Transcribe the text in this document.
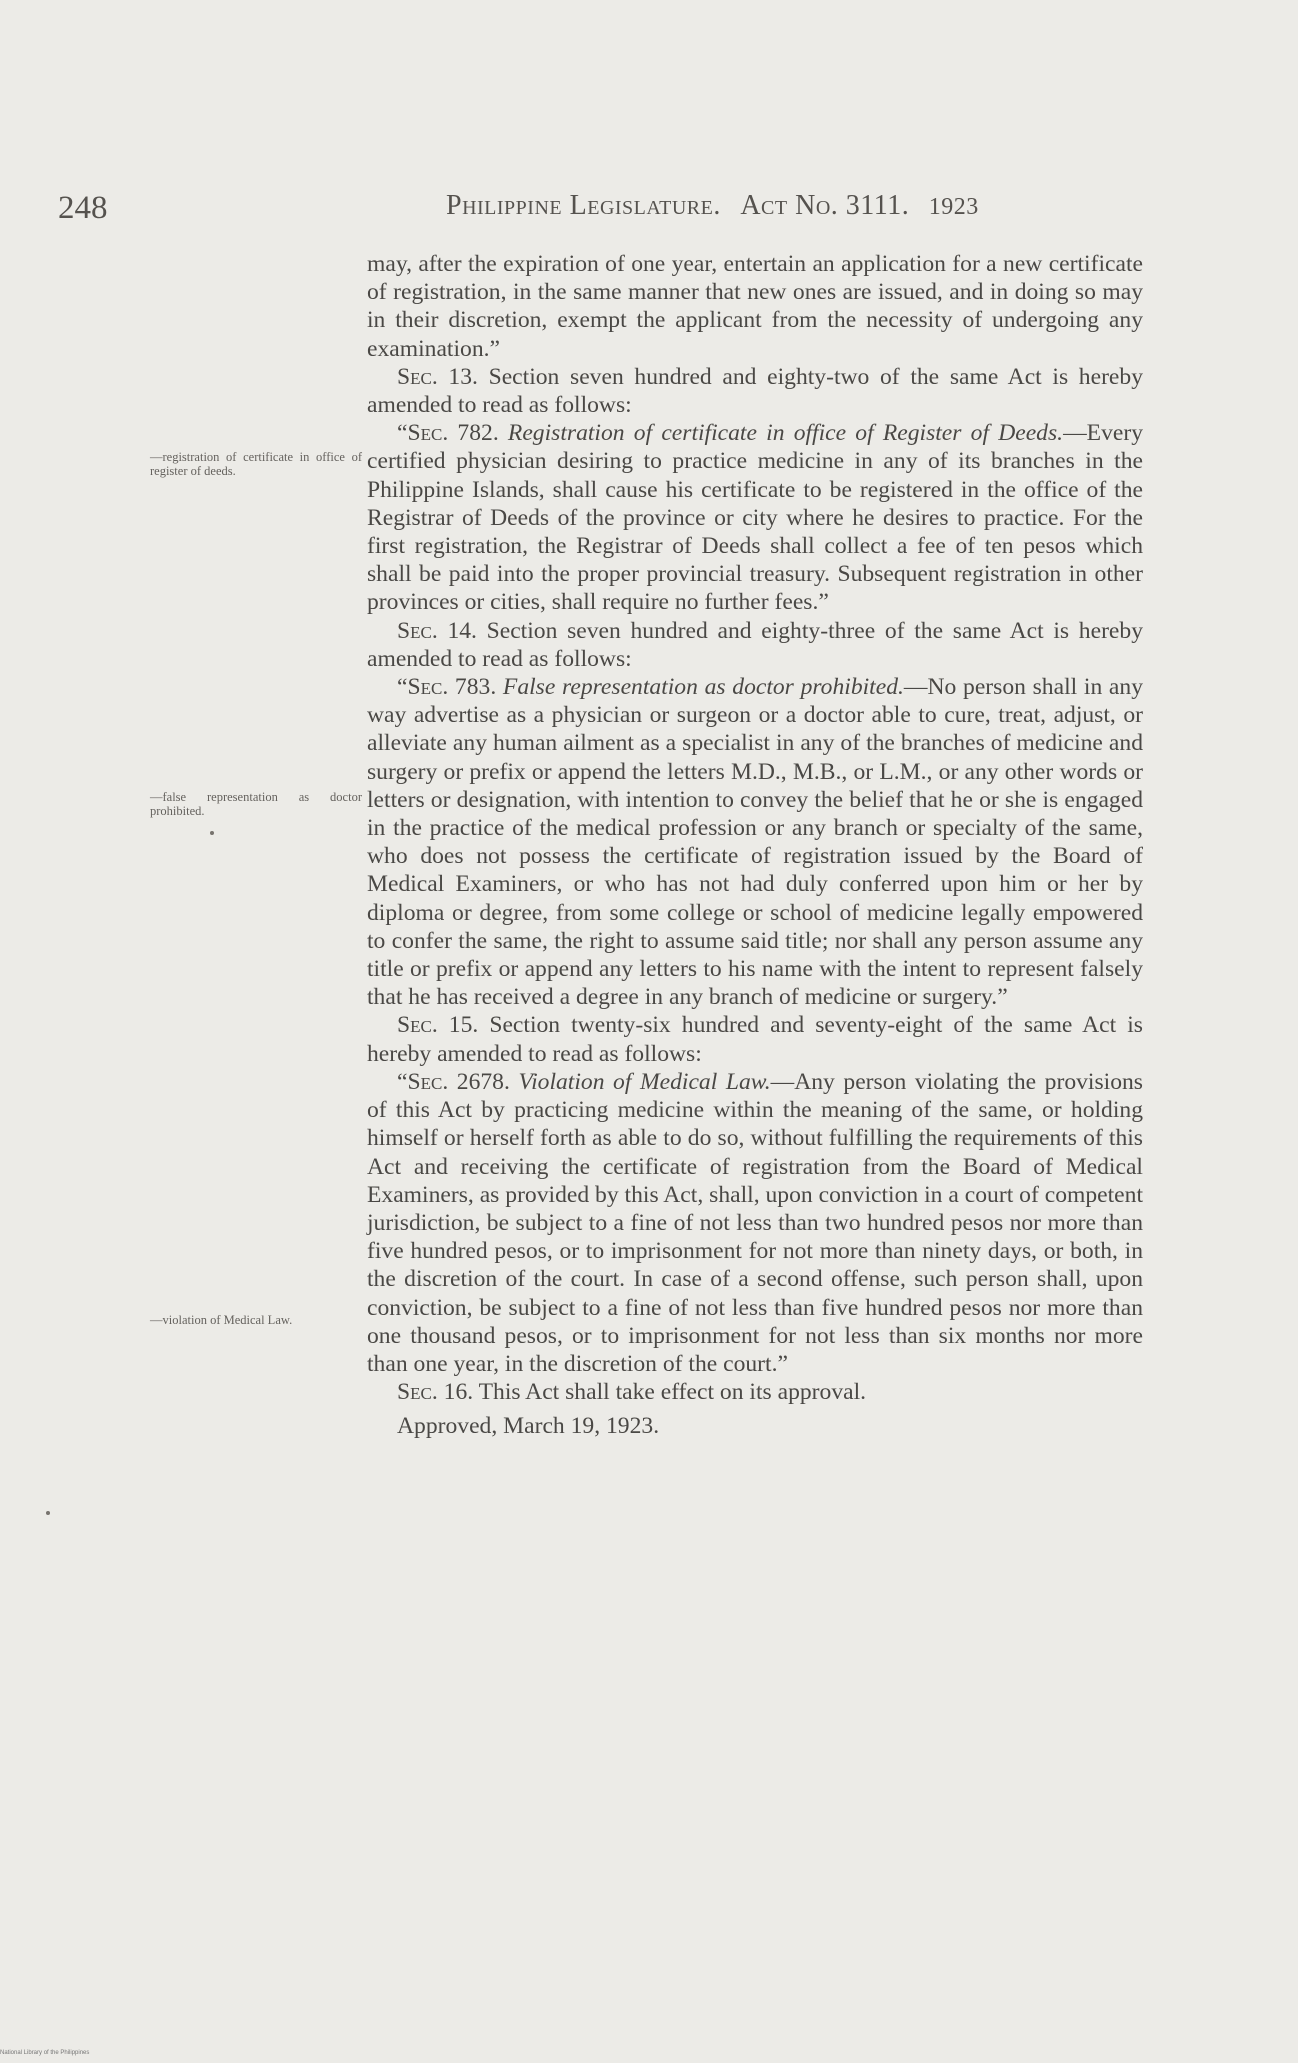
248	Philippine Legislature. Act No. 3111. 1923
—registration of certificate in office of register of deeds.
—false representation as doctor prohibited.
—violation of Medical Law.

may, after the expiration of one year, entertain an application for a new certificate of registration, in the same manner that new ones are issued, and in doing so may in their discretion, exempt the applicant from the necessity of undergoing any examination.”

Sec. 13. Section seven hundred and eighty-two of the same Act is hereby amended to read as follows:

“Sec. 782. Registration of certificate in office of Register of Deeds.—Every certified physician desiring to practice medicine in any of its branches in the Philippine Islands, shall cause his certificate to be registered in the office of the Registrar of Deeds of the province or city where he desires to practice. For the first registration, the Registrar of Deeds shall collect a fee of ten pesos which shall be paid into the proper provincial treasury. Subsequent registration in other provinces or cities, shall require no further fees.”

Sec. 14. Section seven hundred and eighty-three of the same Act is hereby amended to read as follows:

“Sec. 783. False representation as doctor prohibited.—No person shall in any way advertise as a physician or surgeon or a doctor able to cure, treat, adjust, or alleviate any human ailment as a specialist in any of the branches of medicine and surgery or prefix or append the letters M.D., M.B., or L.M., or any other words or letters or designation, with intention to convey the belief that he or she is engaged in the practice of the medical profession or any branch or specialty of the same, who does not possess the certificate of registration issued by the Board of Medical Examiners, or who has not had duly conferred upon him or her by diploma or degree, from some college or school of medicine legally empowered to confer the same, the right to assume said title; nor shall any person assume any title or prefix or append any letters to his name with the intent to represent falsely that he has received a degree in any branch of medicine or surgery.”

Sec. 15. Section twenty-six hundred and seventy-eight of the same Act is hereby amended to read as follows:

“Sec. 2678. Violation of Medical Law.—Any person violating the provisions of this Act by practicing medicine within the meaning of the same, or holding himself or herself forth as able to do so, without fulfilling the requirements of this Act and receiving the certificate of registration from the Board of Medical Examiners, as provided by this Act, shall, upon conviction in a court of competent jurisdiction, be subject to a fine of not less than two hundred pesos nor more than five hundred pesos, or to imprisonment for not more than ninety days, or both, in the discretion of the court. In case of a second offense, such person shall, upon conviction, be subject to a fine of not less than five hundred pesos nor more than one thousand pesos, or to imprisonment for not less than six months nor more than one year, in the discretion of the court.”

Sec. 16. This Act shall take effect on its approval.

Approved, March 19, 1923.

National Library of the Philippines
